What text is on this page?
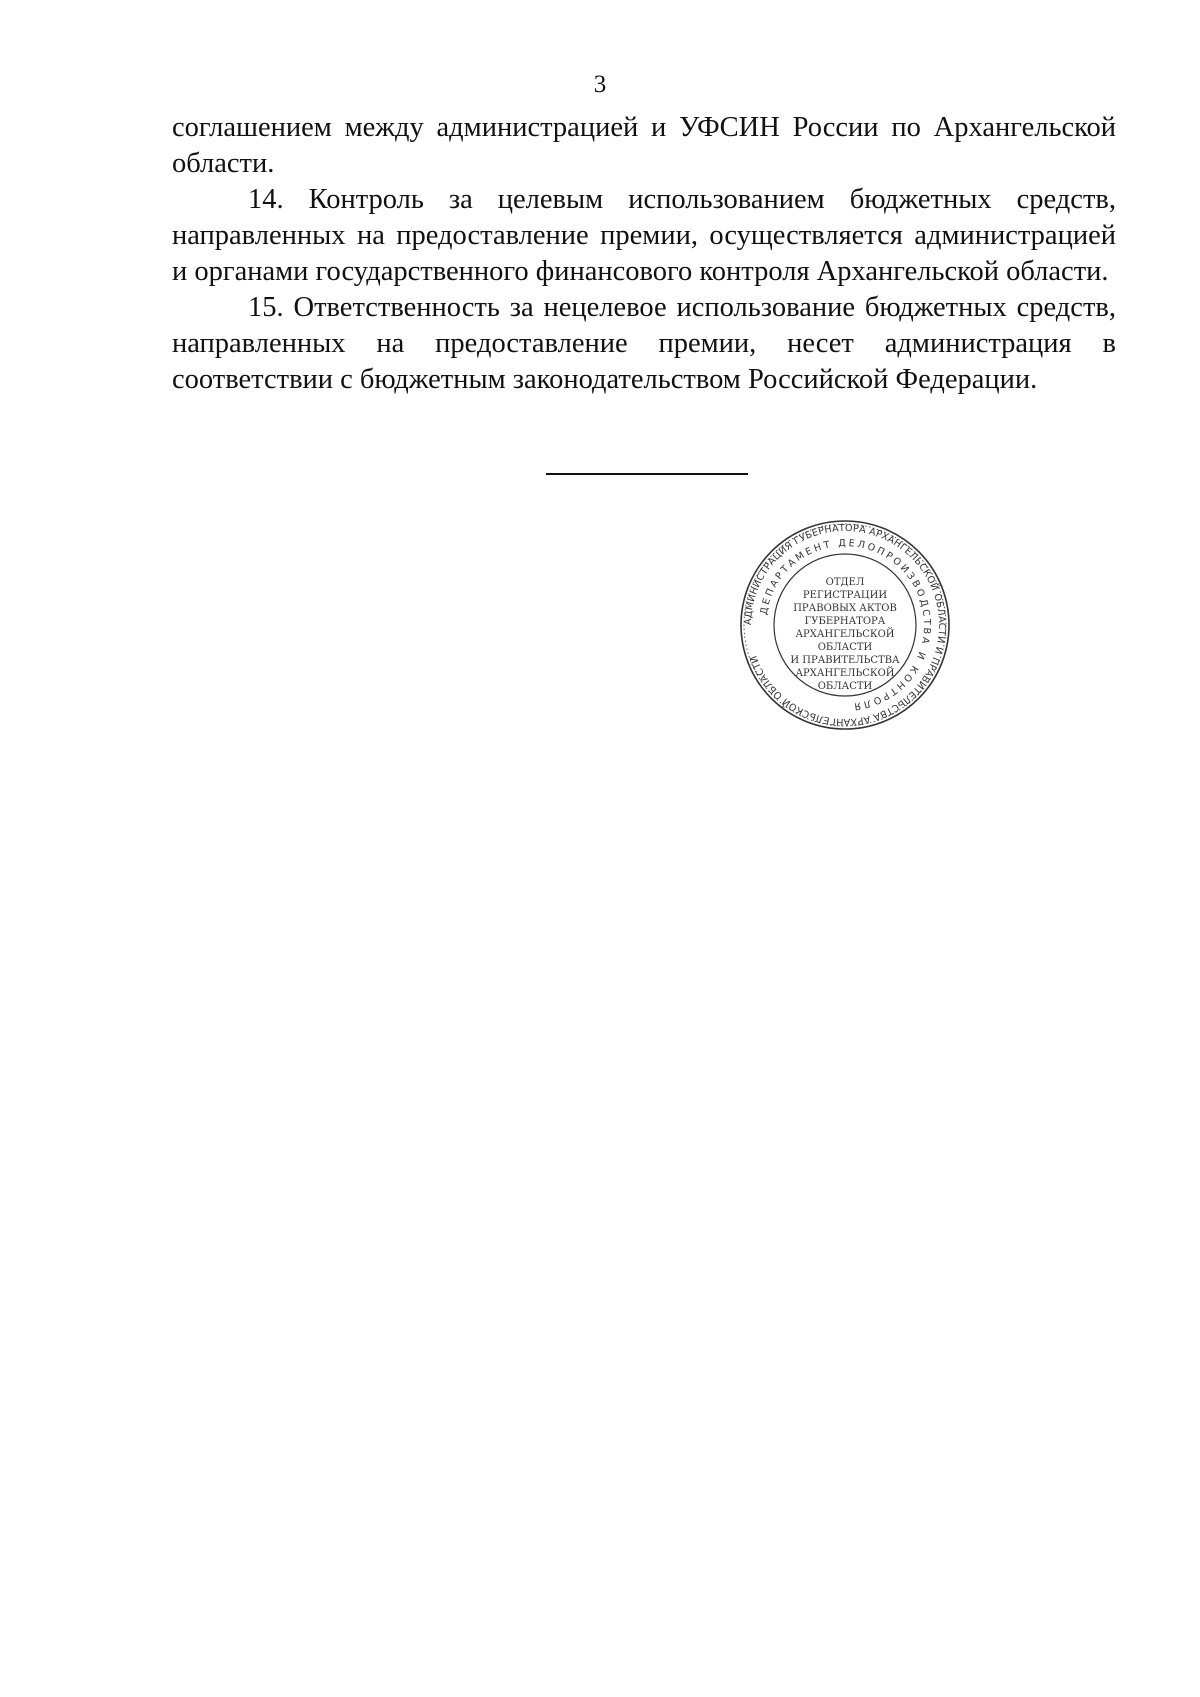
3

соглашением между администрацией и УФСИН России по Архангельской области.

14. Контроль за целевым использованием бюджетных средств, направленных на предоставление премии, осуществляется администрацией и органами государственного финансового контроля Архангельской области.

15. Ответственность за нецелевое использование бюджетных средств, направленных на предоставление премии, несет администрация в соответствии с бюджетным законодательством Российской Федерации.

АДМИНИСТРАЦИЯ ГУБЕРНАТОРА АРХАНГЕЛЬСКОЙ ОБЛАСТИ И ПРАВИТЕЛЬСТВА АРХАНГЕЛЬСКОЙ ОБЛАСТИ
ДЕПАРТАМЕНТ ДЕЛОПРОИЗВОДСТВА И КОНТРОЛЯ
ОТДЕЛ
РЕГИСТРАЦИИ
ПРАВОВЫХ АКТОВ
ГУБЕРНАТОРА
АРХАНГЕЛЬСКОЙ
ОБЛАСТИ
И ПРАВИТЕЛЬСТВА
АРХАНГЕЛЬСКОЙ
ОБЛАСТИ
